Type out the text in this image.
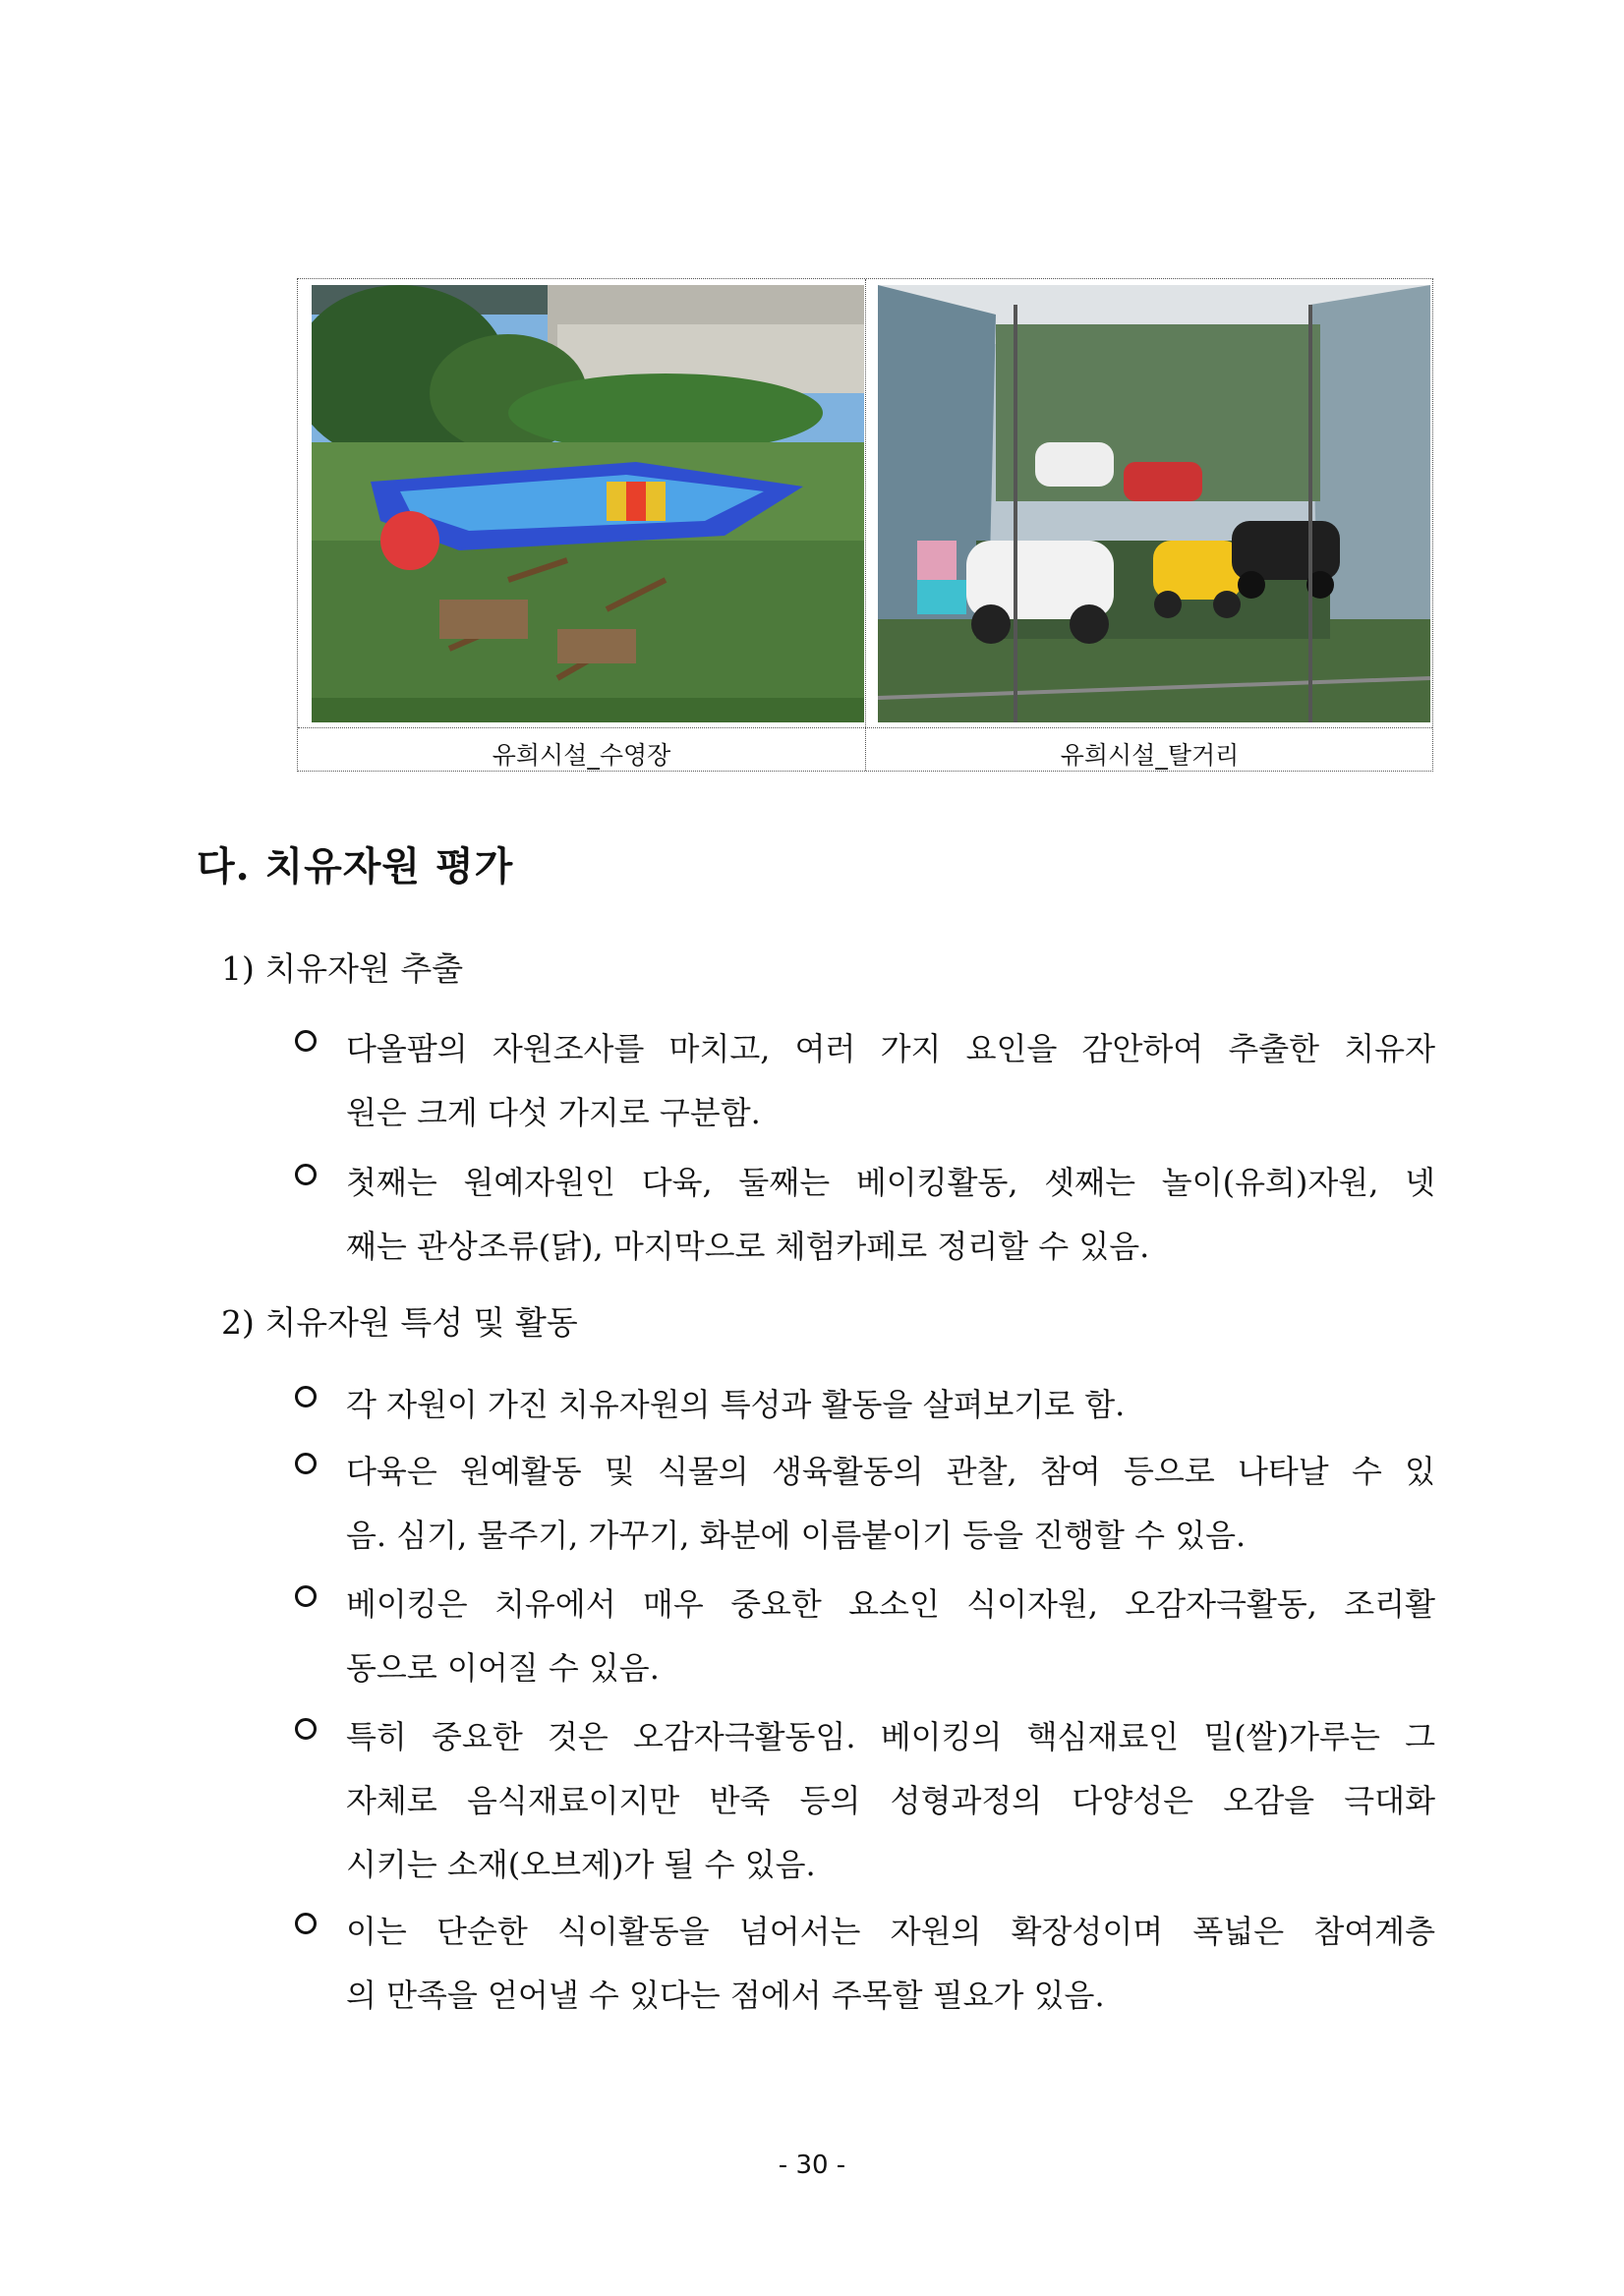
유희시설_수영장	유희시설_탈거리
다. 치유자원 평가
1) 치유자원 추출
다올팜의 자원조사를 마치고, 여러 가지 요인을 감안하여 추출한 치유자
원은 크게 다섯 가지로 구분함.
첫째는 원예자원인 다육, 둘째는 베이킹활동, 셋째는 놀이(유희)자원, 넷
째는 관상조류(닭), 마지막으로 체험카페로 정리할 수 있음.
2) 치유자원 특성 및 활동
각 자원이 가진 치유자원의 특성과 활동을 살펴보기로 함.
다육은 원예활동 및 식물의 생육활동의 관찰, 참여 등으로 나타날 수 있
음. 심기, 물주기, 가꾸기, 화분에 이름붙이기 등을 진행할 수 있음.
베이킹은 치유에서 매우 중요한 요소인 식이자원, 오감자극활동, 조리활
동으로 이어질 수 있음.
특히 중요한 것은 오감자극활동임. 베이킹의 핵심재료인 밀(쌀)가루는 그
자체로 음식재료이지만 반죽 등의 성형과정의 다양성은 오감을 극대화
시키는 소재(오브제)가 될 수 있음.
이는 단순한 식이활동을 넘어서는 자원의 확장성이며 폭넓은 참여계층
의 만족을 얻어낼 수 있다는 점에서 주목할 필요가 있음.
- 30 -
